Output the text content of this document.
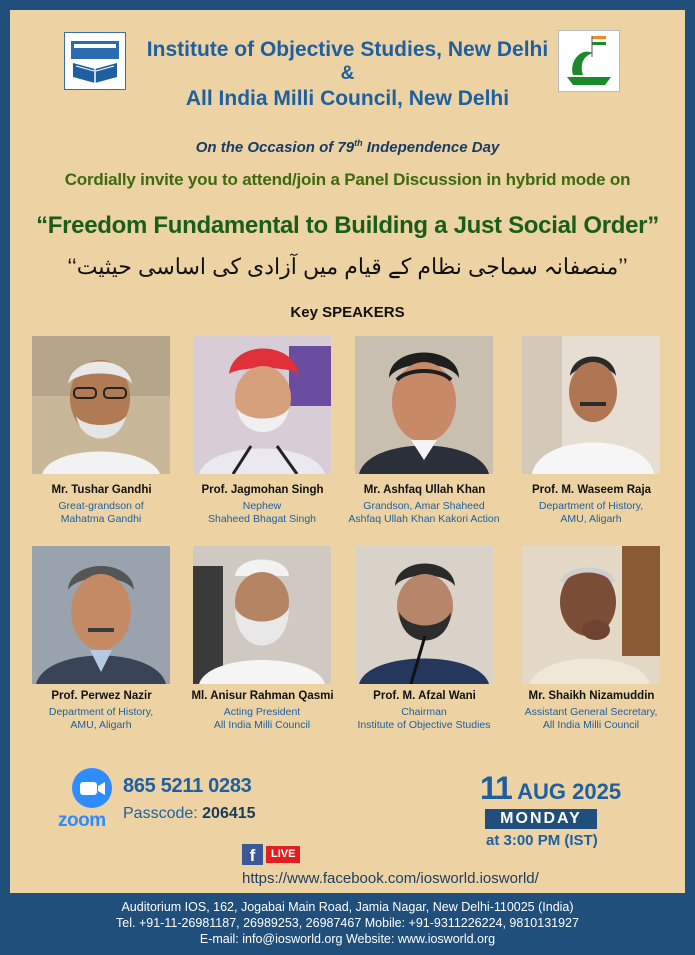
Institute of Objective Studies, New Delhi
&
All India Milli Council, New Delhi
On the Occasion of 79th Independence Day
Cordially invite you to attend/join a Panel Discussion in hybrid mode on
“Freedom Fundamental to Building a Just Social Order”
’’منصفانہ سماجی نظام کے قیام میں آزادی کی اساسی حیثیت‘‘
Key SPEAKERS
Mr. Tushar Gandhi
Great-grandson of
Mahatma Gandhi
Prof. Jagmohan Singh
Nephew
Shaheed Bhagat Singh
Mr. Ashfaq Ullah Khan
Grandson, Amar Shaheed
Ashfaq Ullah Khan Kakori Action
Prof. M. Waseem Raja
Department of History,
AMU, Aligarh
Prof. Perwez Nazir
Department of History,
AMU, Aligarh
Ml. Anisur Rahman Qasmi
Acting President
All India Milli Council
Prof. M. Afzal Wani
Chairman
Institute of Objective Studies
Mr. Shaikh Nizamuddin
Assistant General Secretary,
All India Milli Council
zoom
865 5211 0283
Passcode: 206415
11 AUG 2025
MONDAY
at 3:00 PM (IST)
f	LIVE
https://www.facebook.com/iosworld.iosworld/
Auditorium IOS, 162, Jogabai Main Road, Jamia Nagar, New Delhi-110025 (India)
Tel. +91-11-26981187, 26989253, 26987467 Mobile: +91-9311226224, 9810131927
E-mail: info@iosworld.org Website: www.iosworld.org
